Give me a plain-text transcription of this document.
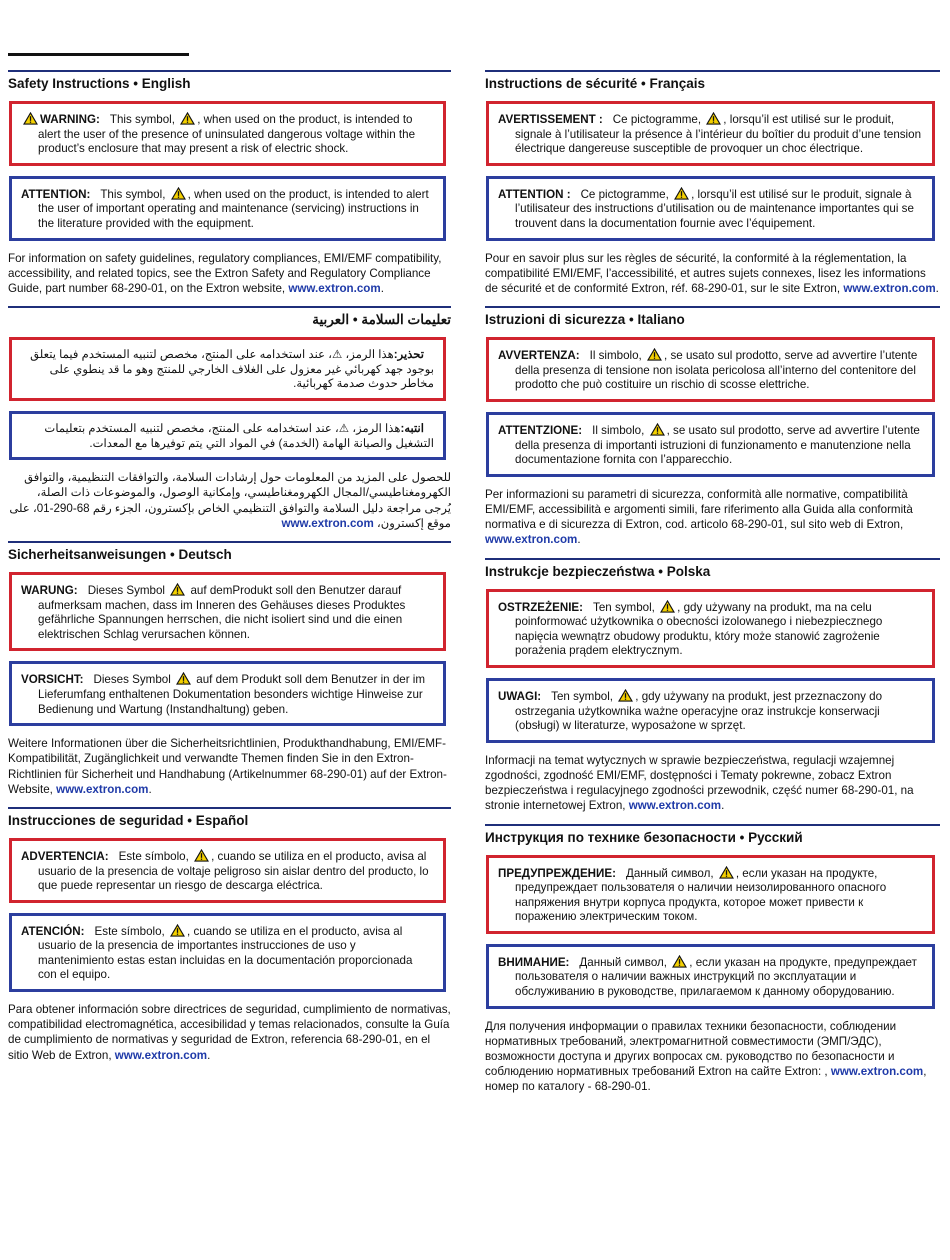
Safety Instructions • English

WARNING: This symbol, , when used on the product, is intended to alert the user of the presence of uninsulated dangerous voltage within the product’s enclosure that may present a risk of electric shock.

ATTENTION: This symbol, , when used on the product, is intended to alert the user of important operating and maintenance (servicing) instructions in the literature provided with the equipment.

For information on safety guidelines, regulatory compliances, EMI/EMF compatibility, accessibility, and related topics, see the Extron Safety and Regulatory Compliance Guide, part number 68-290-01, on the Extron website, www.extron.com.
تعليمات السلامة • العربية

تحذير:هذا الرمز، ⚠، عند استخدامه على المنتج، مخصص لتنبيه المستخدم فيما يتعلق بوجود جهد كهربائي غير معزول على الغلاف الخارجي للمنتج وهو ما قد ينطوي على مخاطر حدوث صدمة كهربائية.

انتبه:هذا الرمز، ⚠، عند استخدامه على المنتج، مخصص لتنبيه المستخدم بتعليمات التشغيل والصيانة الهامة (الخدمة) في المواد التي يتم توفيرها مع المعدات.

للحصول على المزيد من المعلومات حول إرشادات السلامة، والتوافقات التنظيمية، والتوافق الكهرومغناطيسي/المجال الكهرومغناطيسي، وإمكانية الوصول، والموضوعات ذات الصلة، يُرجى مراجعة دليل السلامة والتوافق التنظيمي الخاص بإكسترون، الجزء رقم 68-290-01، على موقع إكسترون، www.extron.com
Sicherheitsanweisungen • Deutsch

WARUNG: Dieses Symbol auf demProdukt soll den Benutzer darauf aufmerksam machen, dass im Inneren des Gehäuses dieses Produktes gefährliche Spannungen herrschen, die nicht isoliert sind und die einen elektrischen Schlag verursachen können.

VORSICHT: Dieses Symbol auf dem Produkt soll dem Benutzer in der im Lieferumfang enthaltenen Dokumentation besonders wichtige Hinweise zur Bedienung und Wartung (Instandhaltung) geben.

Weitere Informationen über die Sicherheitsrichtlinien, Produkthandhabung, EMI/EMF-Kompatibilität, Zugänglichkeit und verwandte Themen finden Sie in den Extron-Richtlinien für Sicherheit und Handhabung (Artikelnummer 68-290-01) auf der Extron-Website, www.extron.com.
Instrucciones de seguridad • Español

ADVERTENCIA: Este símbolo, , cuando se utiliza en el producto, avisa al usuario de la presencia de voltaje peligroso sin aislar dentro del producto, lo que puede representar un riesgo de descarga eléctrica.

ATENCIÓN: Este símbolo, , cuando se utiliza en el producto, avisa al usuario de la presencia de importantes instrucciones de uso y mantenimiento estas estan incluidas en la documentación proporcionada con el equipo.

Para obtener información sobre directrices de seguridad, cumplimiento de normativas, compatibilidad electromagnética, accesibilidad y temas relacionados, consulte la Guía de cumplimiento de normativas y seguridad de Extron, referencia 68-290-01, en el sitio Web de Extron, www.extron.com.
Instructions de sécurité • Français

AVERTISSEMENT : Ce pictogramme, , lorsqu’il est utilisé sur le produit, signale à l’utilisateur la présence à l’intérieur du boîtier du produit d’une tension électrique dangereuse susceptible de provoquer un choc électrique.

ATTENTION : Ce pictogramme, , lorsqu’il est utilisé sur le produit, signale à l’utilisateur des instructions d’utilisation ou de maintenance importantes qui se trouvent dans la documentation fournie avec l’équipement.

Pour en savoir plus sur les règles de sécurité, la conformité à la réglementation, la compatibilité EMI/EMF, l’accessibilité, et autres sujets connexes, lisez les informations de sécurité et de conformité Extron, réf. 68-290-01, sur le site Extron, www.extron.com.
Istruzioni di sicurezza • Italiano

AVVERTENZA: Il simbolo, , se usato sul prodotto, serve ad avvertire l’utente della presenza di tensione non isolata pericolosa all’interno del contenitore del prodotto che può costituire un rischio di scosse elettriche.

ATTENTZIONE: Il simbolo, , se usato sul prodotto, serve ad avvertire l’utente della presenza di importanti istruzioni di funzionamento e manutenzione nella documentazione fornita con l’apparecchio.

Per informazioni su parametri di sicurezza, conformità alle normative, compatibilità EMI/EMF, accessibilità e argomenti simili, fare riferimento alla Guida alla conformità normativa e di sicurezza di Extron, cod. articolo 68-290-01, sul sito web di Extron, www.extron.com.
Instrukcje bezpieczeństwa • Polska

OSTRZEŻENIE: Ten symbol, , gdy używany na produkt, ma na celu poinformować użytkownika o obecności izolowanego i niebezpiecznego napięcia wewnątrz obudowy produktu, który może stanowić zagrożenie porażenia prądem elektrycznym.

UWAGI: Ten symbol, , gdy używany na produkt, jest przeznaczony do ostrzegania użytkownika ważne operacyjne oraz instrukcje konserwacji (obsługi) w literaturze, wyposażone w sprzęt.

Informacji na temat wytycznych w sprawie bezpieczeństwa, regulacji wzajemnej zgodności, zgodność EMI/EMF, dostępności i Tematy pokrewne, zobacz Extron bezpieczeństwa i regulacyjnego zgodności przewodnik, część numer 68-290-01, na stronie internetowej Extron, www.extron.com.
Инструкция по технике безопасности • Русский

ПРЕДУПРЕЖДЕНИЕ: Данный символ, , если указан на продукте, предупреждает пользователя о наличии неизолированного опасного напряжения внутри корпуса продукта, которое может привести к поражению электрическим током.

ВНИМАНИЕ: Данный символ, , если указан на продукте, предупреждает пользователя о наличии важных инструкций по эксплуатации и обслуживанию в руководстве, прилагаемом к данному оборудованию.

Для получения информации о правилах техники безопасности, соблюдении нормативных требований, электромагнитной совместимости (ЭМП/ЭДС), возможности доступа и других вопросах см. руководство по безопасности и соблюдению нормативных требований Extron на сайте Extron: , www.extron.com, номер по каталогу - 68-290-01.
